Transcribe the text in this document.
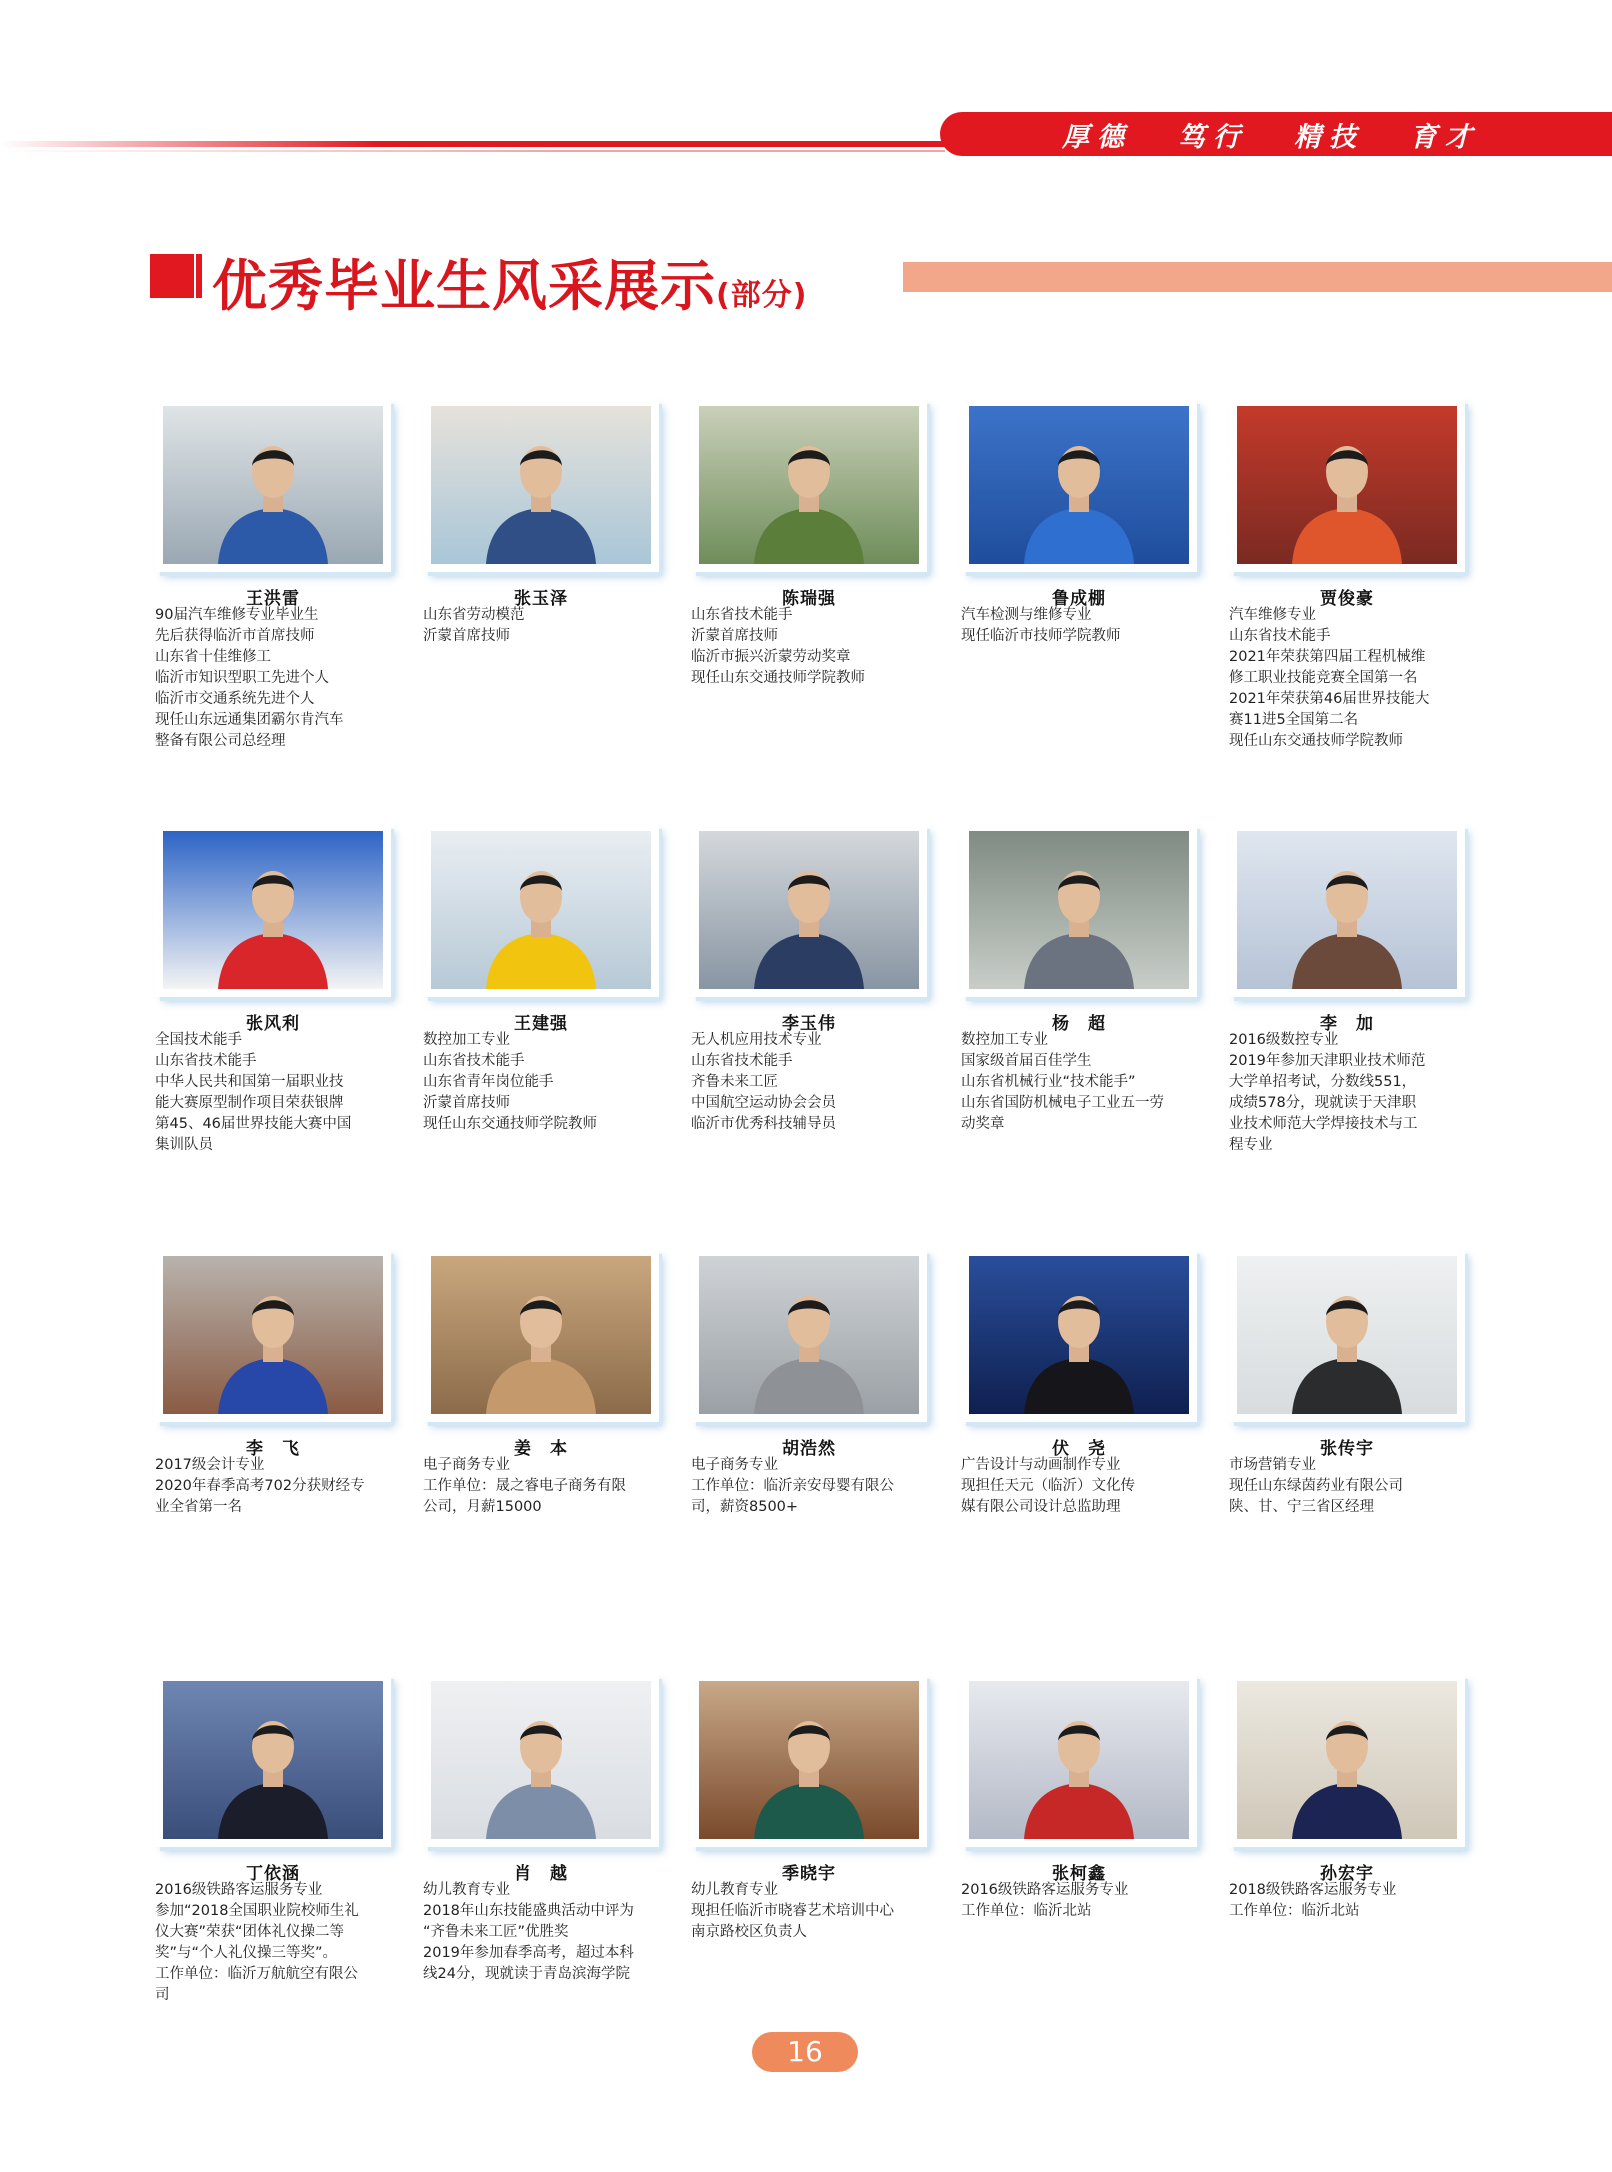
厚德 笃行 精技 育才
优秀毕业生风采展示(部分)
王洪雷
90届汽车维修专业毕业生
先后获得临沂市首席技师
山东省十佳维修工
临沂市知识型职工先进个人
临沂市交通系统先进个人
现任山东远通集团霸尔肯汽车
整备有限公司总经理
张玉泽
山东省劳动模范
沂蒙首席技师
陈瑞强
山东省技术能手
沂蒙首席技师
临沂市振兴沂蒙劳动奖章
现任山东交通技师学院教师
鲁成棚
汽车检测与维修专业
现任临沂市技师学院教师
贾俊豪
汽车维修专业
山东省技术能手
2021年荣获第四届工程机械维
修工职业技能竞赛全国第一名
2021年荣获第46届世界技能大
赛11进5全国第二名
现任山东交通技师学院教师
张风利
全国技术能手
山东省技术能手
中华人民共和国第一届职业技
能大赛原型制作项目荣获银牌
第45、46届世界技能大赛中国
集训队员
王建强
数控加工专业
山东省技术能手
山东省青年岗位能手
沂蒙首席技师
现任山东交通技师学院教师
李玉伟
无人机应用技术专业
山东省技术能手
齐鲁未来工匠
中国航空运动协会会员
临沂市优秀科技辅导员
杨　超
数控加工专业
国家级首届百佳学生
山东省机械行业“技术能手”
山东省国防机械电子工业五一劳
动奖章
李　加
2016级数控专业
2019年参加天津职业技术师范
大学单招考试，分数线551，
成绩578分，现就读于天津职
业技术师范大学焊接技术与工
程专业
李　飞
2017级会计专业
2020年春季高考702分获财经专
业全省第一名
姜　本
电子商务专业
工作单位：晟之睿电子商务有限
公司，月薪15000
胡浩然
电子商务专业
工作单位：临沂亲安母婴有限公
司，薪资8500+
伏　尧
广告设计与动画制作专业
现担任天元（临沂）文化传
媒有限公司设计总监助理
张传宇
市场营销专业
现任山东绿茵药业有限公司
陕、甘、宁三省区经理
丁依涵
2016级铁路客运服务专业
参加“2018全国职业院校师生礼
仪大赛”荣获“团体礼仪操二等
奖”与“个人礼仪操三等奖”。
工作单位：临沂万航航空有限公
司
肖　越
幼儿教育专业
2018年山东技能盛典活动中评为
“齐鲁未来工匠”优胜奖
2019年参加春季高考，超过本科
线24分，现就读于青岛滨海学院
季晓宇
幼儿教育专业
现担任临沂市晓睿艺术培训中心
南京路校区负责人
张柯鑫
2016级铁路客运服务专业
工作单位：临沂北站
孙宏宇
2018级铁路客运服务专业
工作单位：临沂北站
16
